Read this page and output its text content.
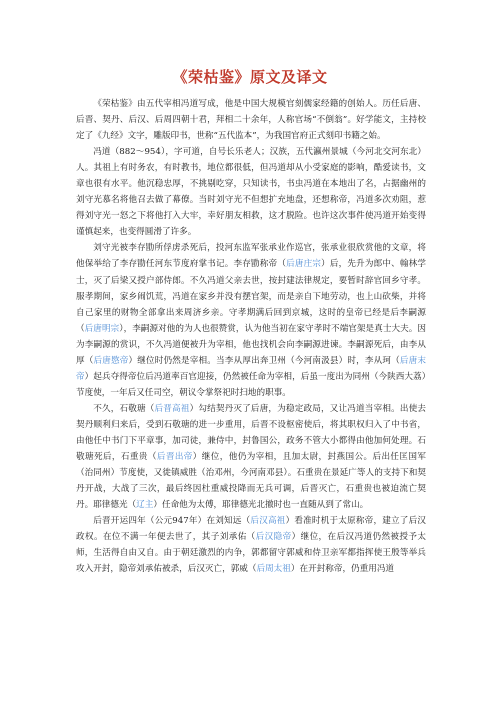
《荣枯鉴》原文及译文

《荣枯鉴》由五代宰相冯道写成，他是中国大规模官刻儒家经籍的创始人。历任后唐、后晋、契丹、后汉、后周四朝十君，拜相二十余年，人称官场“不倒翁”。好学能文，主持校定了《九经》文字，雕版印书，世称“五代监本”，为我国官府正式刻印书籍之始。

冯道（882～954），字可道，自号长乐老人；汉族，五代瀛州景城（今河北交河东北）人。其祖上有时务农，有时教书，地位都很低，但冯道却从小受家庭的影响，酷爱读书，文章也很有水平。他沉稳忠厚，不挑剔吃穿，只知读书，书虫冯道在本地出了名，占据幽州的刘守光慕名将他召去做了幕僚。当时刘守光不但想扩充地盘，还想称帝，冯道多次劝阻，惹得刘守光一怒之下将他打入大牢，幸好朋友相救，这才脱险。也许这次事件使冯道开始变得谨慎起来，也变得圆滑了许多。

刘守光被李存勖所俘虏杀死后，投河东监军张承业作巡官，张承业很欣赏他的文章，将他保举给了李存勖任河东节度府掌书记。李存勖称帝（后唐庄宗）后，先升为郎中、翰林学士，灭了后梁又授户部侍郎。不久冯道父亲去世，按封建法律规定，要暂时辞官回乡守孝。服孝期间，家乡闹饥荒，冯道在家乡并没有摆官架，而是亲自下地劳动，也上山砍柴，并将自己家里的财物全部拿出来周济乡亲。守孝期满后回到京城，这时的皇帝已经是后李嗣源（后唐明宗），李嗣源对他的为人也很赞赏，认为他当初在家守孝时不端官架是真士大夫。因为李嗣源的赏识，不久冯道便被升为宰相，他也找机会向李嗣源进谏。李嗣源死后，由李从厚（后唐愍帝）继位时仍然是宰相。当李从厚出奔卫州（今河南汲县）时，李从珂（后唐末帝）起兵夺得帝位后冯道率百官迎接，仍然被任命为宰相，后虽一度出为同州（今陕西大荔）节度使，一年后又任司空，朝议令掌祭祀时扫地的职事。

不久，石敬瑭（后晋高祖）勾结契丹灭了后唐，为稳定政局，又让冯道当宰相。出使去契丹顺利归来后，受到石敬瑭的进一步重用，后晋不设枢密使后，将其职权归入了中书省，由他任中书门下平章事，加司徒，兼侍中，封鲁国公，政务不管大小都得由他加何处理。石敬瑭死后，石重贵（后晋出帝）继位，他仍为宰相，且加太尉，封燕国公。后出任匡国军（治同州）节度使，又徙镇威胜（治邓州，今河南邓县）。石重贵在景延广等人的支持下和契丹开战，大战了三次，最后终因杜重威投降而无兵可调，后晋灭亡，石重贵也被迫流亡契丹。耶律德光（辽主）任命他为太傅，耶律德光北撤时也一直随从到了常山。

后晋开运四年（公元947年）在刘知远（后汉高祖）看准时机于太原称帝，建立了后汉政权。在位不满一年便去世了，其子刘承佑（后汉隐帝）继位，在后汉冯道仍然被授予太师，生活得自由又自。由于朝廷激烈的内争，郭都留守郭威和侍卫亲军都指挥使王殷等举兵攻入开封，隐帝刘承佑被杀，后汉灭亡，郭威（后周太祖）在开封称帝，仍重用冯道
